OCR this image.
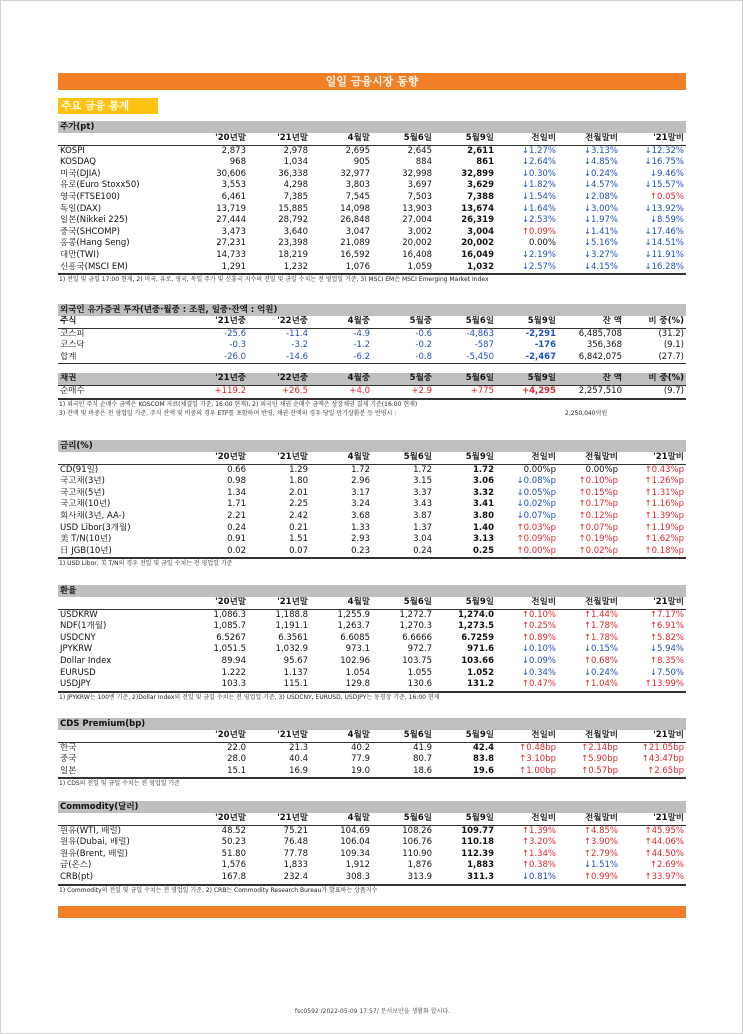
일일 금융시장 동향
주요 금융 통계
주가(pt)
	'20년말	'21년말	4월말	5월6일	5월9일	전일비	전월말비	'21말비
KOSPI	2,873	2,978	2,695	2,645	2,611	↓1.27%	↓3.13%	↓12.32%
KOSDAQ	968	1,034	905	884	861	↓2.64%	↓4.85%	↓16.75%
미국(DJIA)	30,606	36,338	32,977	32,998	32,899	↓0.30%	↓0.24%	↓9.46%
유로(Euro Stoxx50)	3,553	4,298	3,803	3,697	3,629	↓1.82%	↓4.57%	↓15.57%
영국(FTSE100)	6,461	7,385	7,545	7,503	7,388	↓1.54%	↓2.08%	↑0.05%
독일(DAX)	13,719	15,885	14,098	13,903	13,674	↓1.64%	↓3.00%	↓13.92%
일본(Nikkei 225)	27,444	28,792	26,848	27,004	26,319	↓2.53%	↓1.97%	↓8.59%
중국(SHCOMP)	3,473	3,640	3,047	3,002	3,004	↑0.09%	↓1.41%	↓17.46%
홍콩(Hang Seng)	27,231	23,398	21,089	20,002	20,002	0.00%	↓5.16%	↓14.51%
대만(TWI)	14,733	18,219	16,592	16,408	16,049	↓2.19%	↓3.27%	↓11.91%
신흥국(MSCI EM)	1,291	1,232	1,076	1,059	1,032	↓2.57%	↓4.15%	↓16.28%
1) 전일 및 금일 17:00 현재, 2) 미국, 유로, 영국, 독일 주가 및 신흥국 지수의 전일 및 금일 수치는 전 영업일 기준, 3) MSCI EM은 MSCI Emerging Market Index
외국인 유가증권 투자(년중·월중 : 조원, 일중·잔액 : 억원)
주식	'21년중	'22년중	4월중	5월중	5월6일	5월9일	잔 액	비 중(%)
코스피	-25.6	-11.4	-4.9	-0.6	-4,863	-2,291	6,485,708	(31.2)
코스닥	-0.3	-3.2	-1.2	-0.2	-587	-176	356,368	(9.1)
합계	-26.0	-14.6	-6.2	-0.8	-5,450	-2,467	6,842,075	(27.7)
채권	'21년중	'22년중	4월중	5월중	5월6일	5월9일	잔 액	비 중(%)
순매수	+119.2	+26.5	+4.0	+2.9	+775	+4,295	2,257,510	(9.7)
1) 외국인 주식 순매수 금액은 KOSCOM 자료(체결일 기준, 16:00 현재), 2) 외국인 채권 순매수 금액은 상장채권 결제 기준(16:00 현재)
3) 잔액 및 비중은 전 영업일 기준, 주식 잔액 및 비중의 경우 ETF를 포함하며 반영, 채권 잔액의 경우 당일 만기상환분 등 반영시 :	2,250,040억원
금리(%)
	'20년말	'21년말	4월말	5월6일	5월9일	전일비	전월말비	'21말비
CD(91일)	0.66	1.29	1.72	1.72	1.72	0.00%p	0.00%p	↑0.43%p
국고채(3년)	0.98	1.80	2.96	3.15	3.06	↓0.08%p	↑0.10%p	↑1.26%p
국고채(5년)	1.34	2.01	3.17	3.37	3.32	↓0.05%p	↑0.15%p	↑1.31%p
국고채(10년)	1.71	2.25	3.24	3.43	3.41	↓0.02%p	↑0.17%p	↑1.16%p
회사채(3년, AA-)	2.21	2.42	3.68	3.87	3.80	↓0.07%p	↑0.12%p	↑1.39%p
USD Libor(3개월)	0.24	0.21	1.33	1.37	1.40	↑0.03%p	↑0.07%p	↑1.19%p
美 T/N(10년)	0.91	1.51	2.93	3.04	3.13	↑0.09%p	↑0.19%p	↑1.62%p
日 JGB(10년)	0.02	0.07	0.23	0.24	0.25	↑0.00%p	↑0.02%p	↑0.18%p
1) USD Libor, 美 T/N의 경우 전일 및 금일 수치는 전 영업일 기준
환율
	'20년말	'21년말	4월말	5월6일	5월9일	전일비	전월말비	'21말비
USDKRW	1,086.3	1,188.8	1,255.9	1,272.7	1,274.0	↑0.10%	↑1.44%	↑7.17%
NDF(1개월)	1,085.7	1,191.1	1,263.7	1,270.3	1,273.5	↑0.25%	↑1.78%	↑6.91%
USDCNY	6.5267	6.3561	6.6085	6.6666	6.7259	↑0.89%	↑1.78%	↑5.82%
JPYKRW	1,051.5	1,032.9	973.1	972.7	971.6	↓0.10%	↓0.15%	↓5.94%
Dollar Index	89.94	95.67	102.96	103.75	103.66	↓0.09%	↑0.68%	↑8.35%
EURUSD	1.222	1.137	1.054	1.055	1.052	↓0.34%	↓0.24%	↓7.50%
USDJPY	103.3	115.1	129.8	130.6	131.2	↑0.47%	↑1.04%	↑13.99%
1) JPYKRW는 100엔 기준, 2)Dollar Index의 전일 및 금일 수치는 전 영업일 기준, 3) USDCNY, EURUSD, USDJPY는 동경장 기준, 16:00 현재
CDS Premium(bp)
	'20년말	'21년말	4월말	5월6일	5월9일	전일비	전월말비	'21말비
한국	22.0	21.3	40.2	41.9	42.4	↑0.48bp	↑2.14bp	↑21.05bp
중국	28.0	40.4	77.9	80.7	83.8	↑3.10bp	↑5.90bp	↑43.47bp
일본	15.1	16.9	19.0	18.6	19.6	↑1.00bp	↑0.57bp	↑2.65bp
1) CDS의 전일 및 금일 수치는 전 영업일 기준
Commodity(달러)
	'20년말	'21년말	4월말	5월6일	5월9일	전일비	전월말비	'21말비
원유(WTI, 배럴)	48.52	75.21	104.69	108.26	109.77	↑1.39%	↑4.85%	↑45.95%
원유(Dubai, 배럴)	50.23	76.48	106.04	106.76	110.18	↑3.20%	↑3.90%	↑44.06%
원유(Brent, 배럴)	51.80	77.78	109.34	110.90	112.39	↑1.34%	↑2.79%	↑44.50%
금(온스)	1,576	1,833	1,912	1,876	1,883	↑0.38%	↓1.51%	↑2.69%
CRB(pt)	167.8	232.4	308.3	313.9	311.3	↓0.81%	↑0.99%	↑33.97%
1) Commodity의 전일 및 금일 수치는 전 영업일 기준, 2) CRB는 Commodity Research Bureau가 발표하는 상품지수
fsc0592 /2022-05-09 17:57/ 문서보안을 생활화 합시다.
